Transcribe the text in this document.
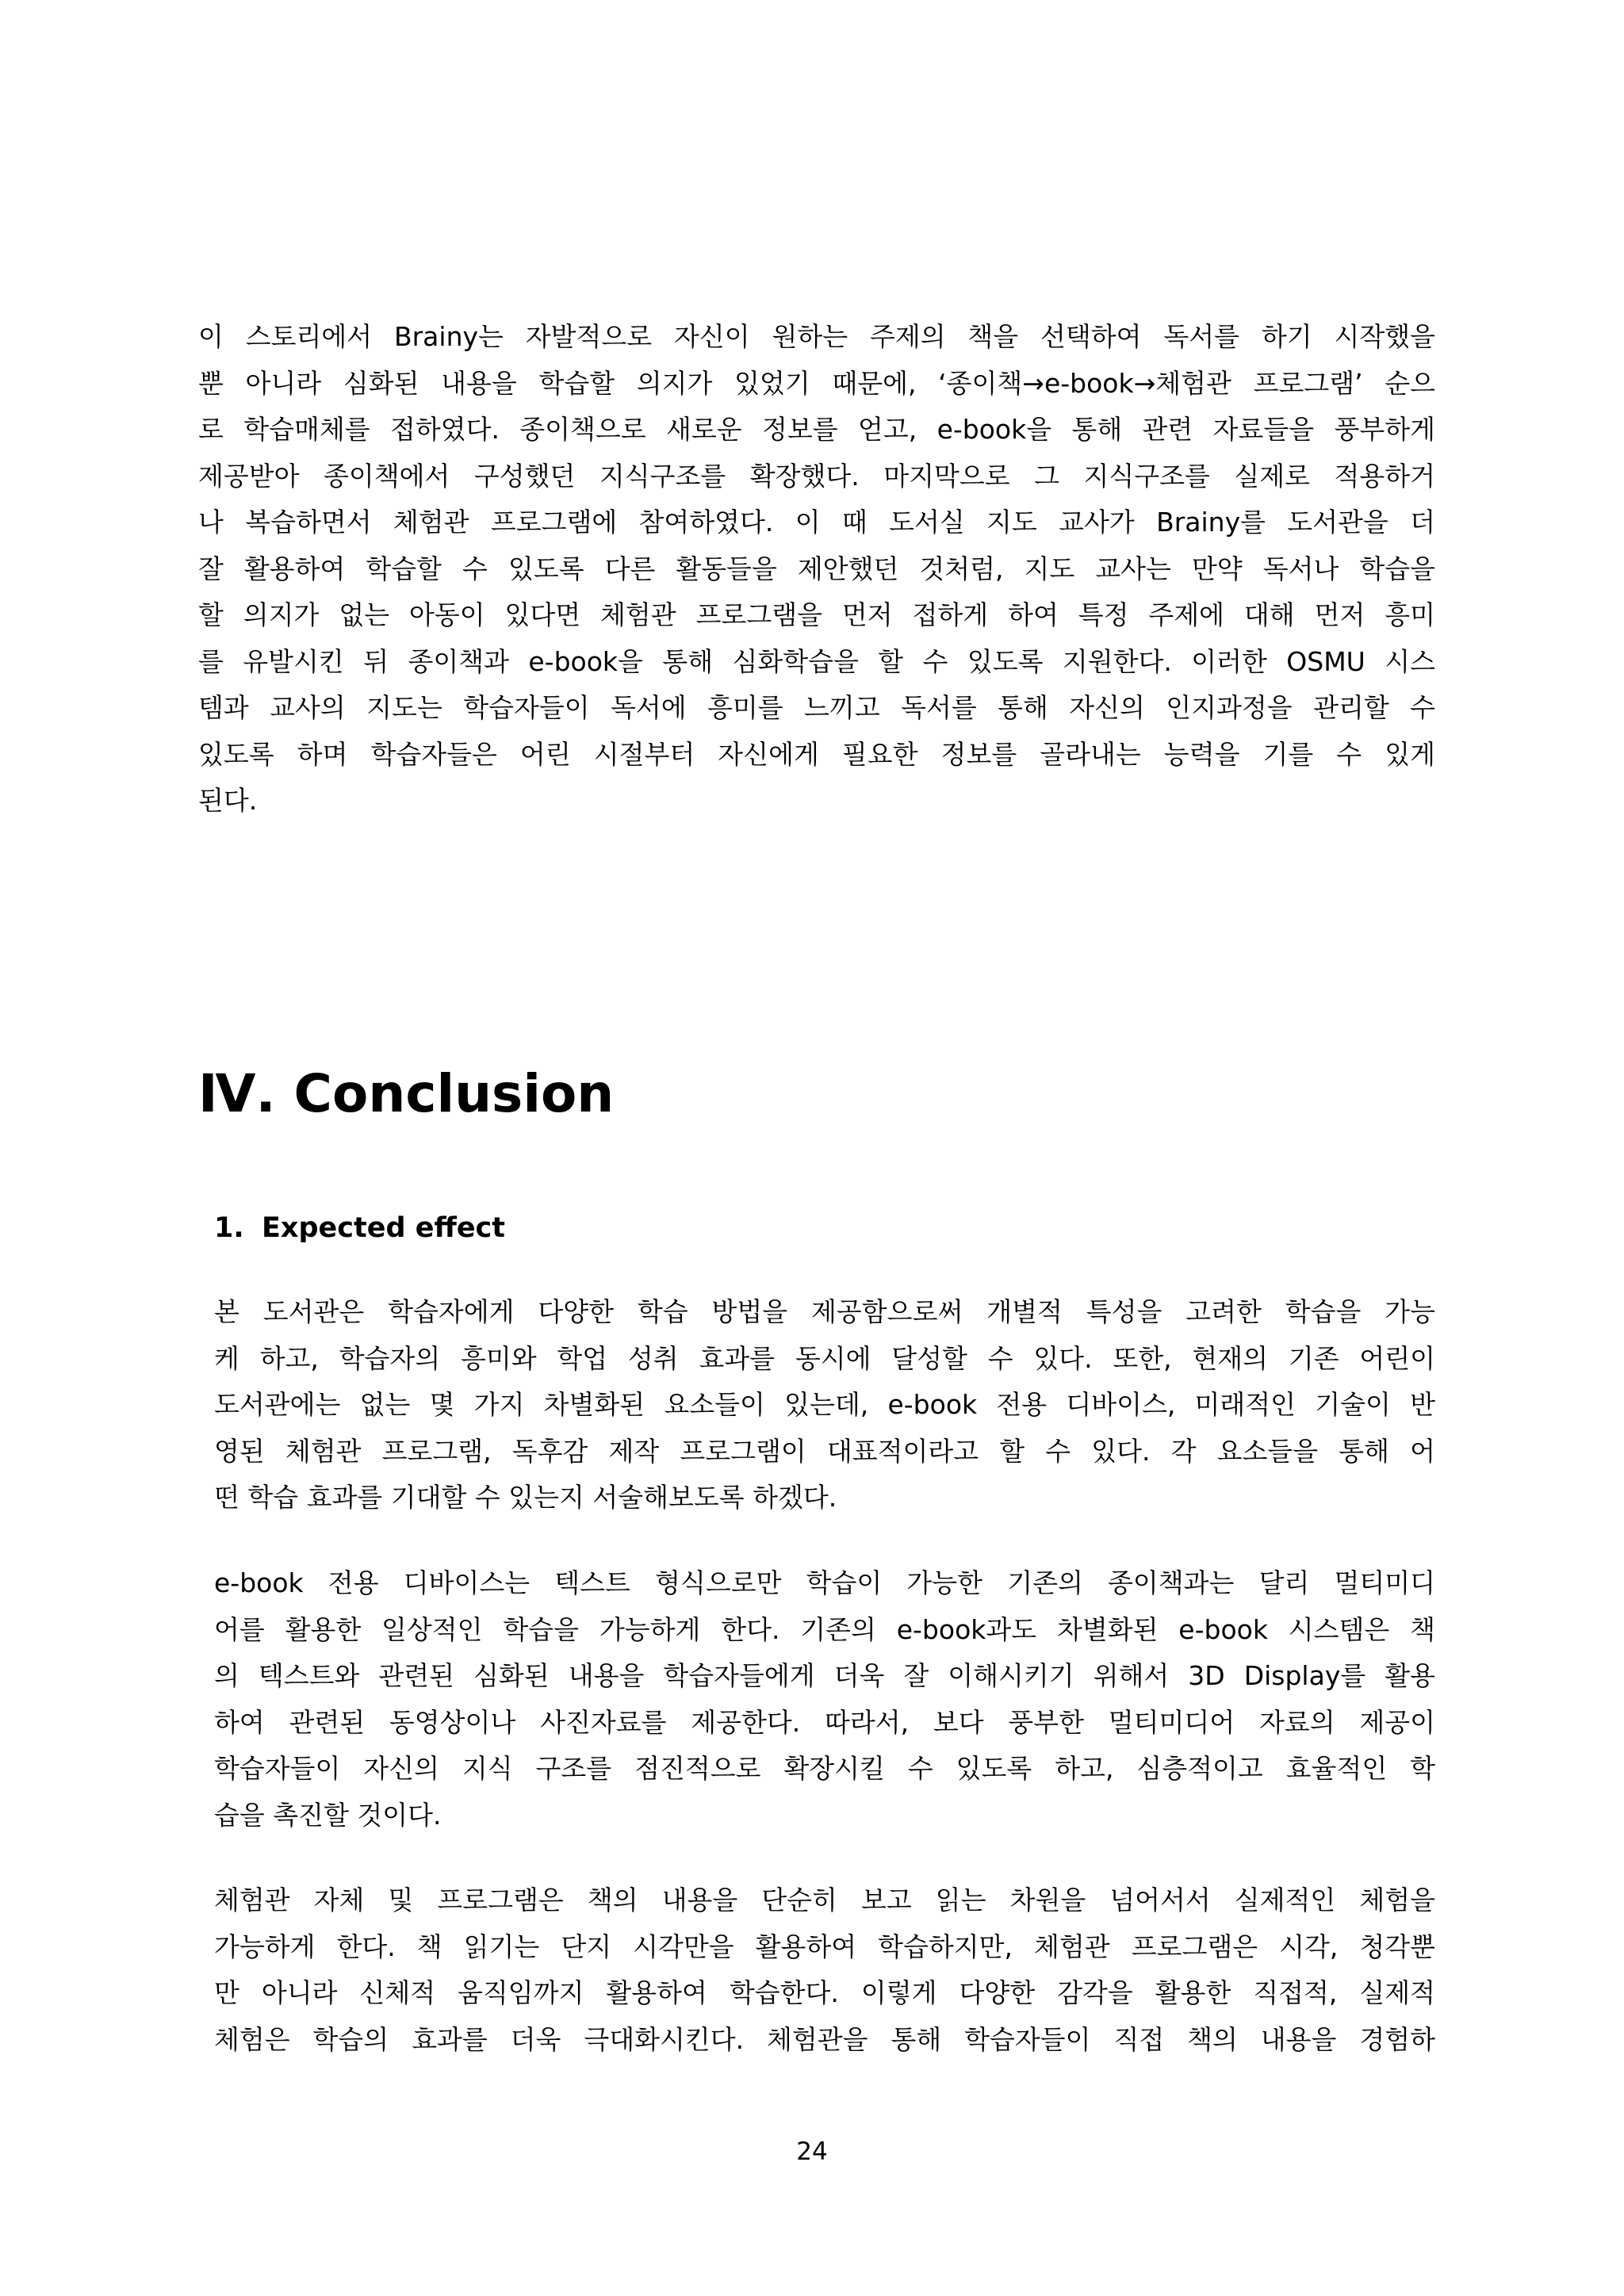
이 스토리에서 Brainy는 자발적으로 자신이 원하는 주제의 책을 선택하여 독서를 하기 시작했을
뿐 아니라 심화된 내용을 학습할 의지가 있었기 때문에, ‘종이책→e-book→체험관 프로그램’ 순으
로 학습매체를 접하였다. 종이책으로 새로운 정보를 얻고, e-book을 통해 관련 자료들을 풍부하게
제공받아 종이책에서 구성했던 지식구조를 확장했다. 마지막으로 그 지식구조를 실제로 적용하거
나 복습하면서 체험관 프로그램에 참여하였다. 이 때 도서실 지도 교사가 Brainy를 도서관을 더
잘 활용하여 학습할 수 있도록 다른 활동들을 제안했던 것처럼, 지도 교사는 만약 독서나 학습을
할 의지가 없는 아동이 있다면 체험관 프로그램을 먼저 접하게 하여 특정 주제에 대해 먼저 흥미
를 유발시킨 뒤 종이책과 e-book을 통해 심화학습을 할 수 있도록 지원한다. 이러한 OSMU 시스
템과 교사의 지도는 학습자들이 독서에 흥미를 느끼고 독서를 통해 자신의 인지과정을 관리할 수
있도록 하며 학습자들은 어린 시절부터 자신에게 필요한 정보를 골라내는 능력을 기를 수 있게
된다.
Ⅳ. Conclusion
1. Expected effect
본 도서관은 학습자에게 다양한 학습 방법을 제공함으로써 개별적 특성을 고려한 학습을 가능
케 하고, 학습자의 흥미와 학업 성취 효과를 동시에 달성할 수 있다. 또한, 현재의 기존 어린이
도서관에는 없는 몇 가지 차별화된 요소들이 있는데, e-book 전용 디바이스, 미래적인 기술이 반
영된 체험관 프로그램, 독후감 제작 프로그램이 대표적이라고 할 수 있다. 각 요소들을 통해 어
떤 학습 효과를 기대할 수 있는지 서술해보도록 하겠다.
e-book 전용 디바이스는 텍스트 형식으로만 학습이 가능한 기존의 종이책과는 달리 멀티미디
어를 활용한 일상적인 학습을 가능하게 한다. 기존의 e-book과도 차별화된 e-book 시스템은 책
의 텍스트와 관련된 심화된 내용을 학습자들에게 더욱 잘 이해시키기 위해서 3D Display를 활용
하여 관련된 동영상이나 사진자료를 제공한다. 따라서, 보다 풍부한 멀티미디어 자료의 제공이
학습자들이 자신의 지식 구조를 점진적으로 확장시킬 수 있도록 하고, 심층적이고 효율적인 학
습을 촉진할 것이다.
체험관 자체 및 프로그램은 책의 내용을 단순히 보고 읽는 차원을 넘어서서 실제적인 체험을
가능하게 한다. 책 읽기는 단지 시각만을 활용하여 학습하지만, 체험관 프로그램은 시각, 청각뿐
만 아니라 신체적 움직임까지 활용하여 학습한다. 이렇게 다양한 감각을 활용한 직접적, 실제적
체험은 학습의 효과를 더욱 극대화시킨다. 체험관을 통해 학습자들이 직접 책의 내용을 경험하
24
